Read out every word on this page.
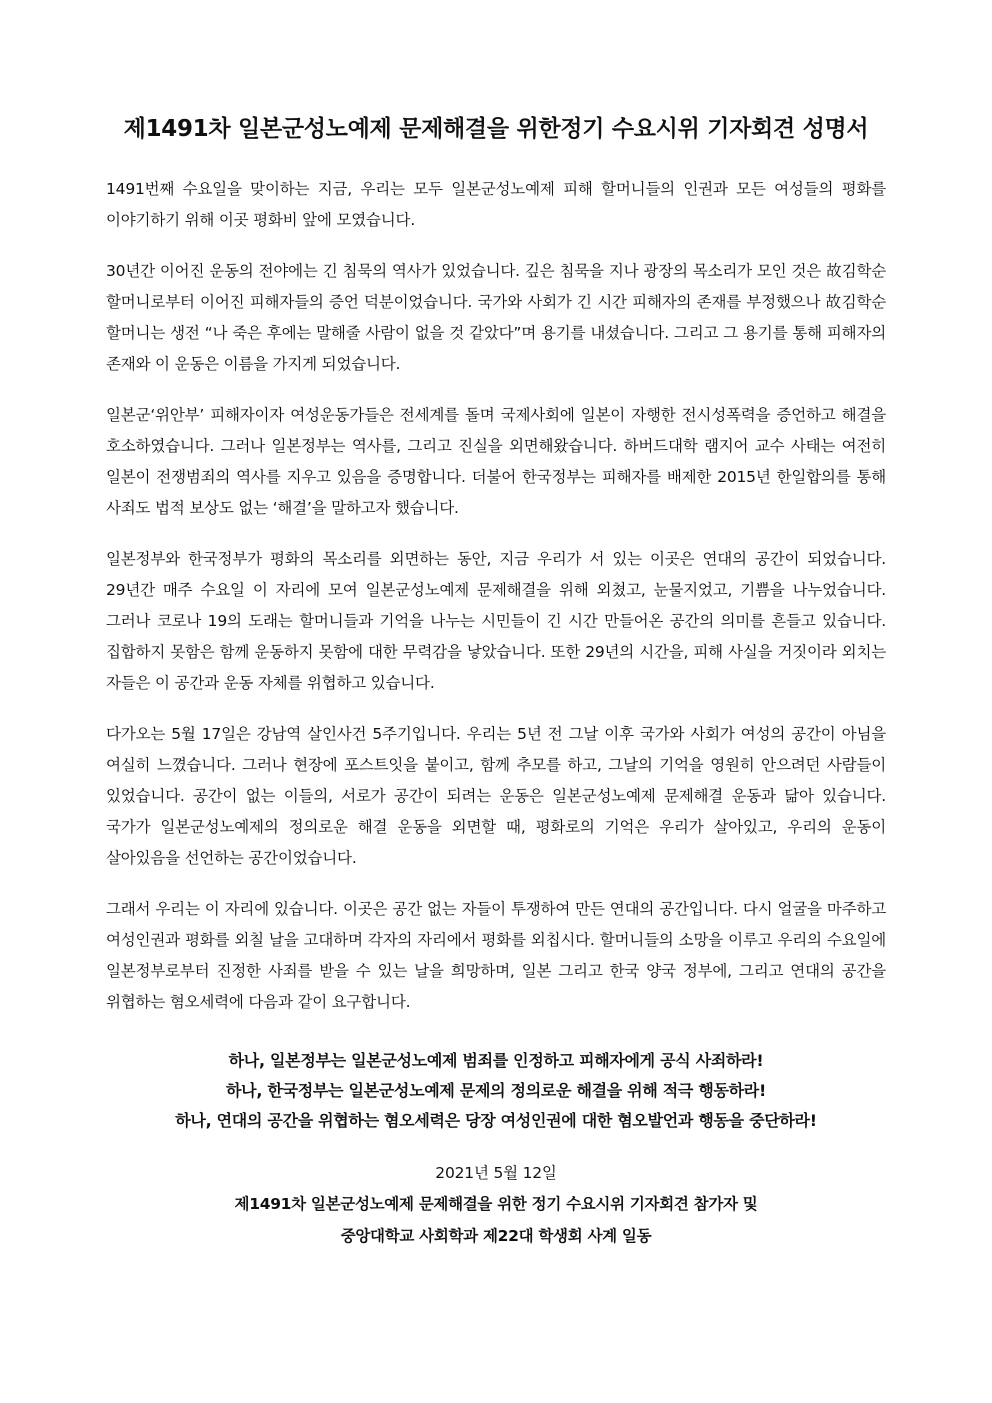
제1491차 일본군성노예제 문제해결을 위한정기 수요시위 기자회견 성명서

1491번째 수요일을 맞이하는 지금, 우리는 모두 일본군성노예제 피해 할머니들의 인권과 모든 여성들의 평화를 이야기하기 위해 이곳 평화비 앞에 모였습니다.

30년간 이어진 운동의 전야에는 긴 침묵의 역사가 있었습니다. 깊은 침묵을 지나 광장의 목소리가 모인 것은 故김학순 할머니로부터 이어진 피해자들의 증언 덕분이었습니다. 국가와 사회가 긴 시간 피해자의 존재를 부정했으나 故김학순 할머니는 생전 “나 죽은 후에는 말해줄 사람이 없을 것 같았다”며 용기를 내셨습니다. 그리고 그 용기를 통해 피해자의 존재와 이 운동은 이름을 가지게 되었습니다.

일본군‘위안부’ 피해자이자 여성운동가들은 전세계를 돌며 국제사회에 일본이 자행한 전시성폭력을 증언하고 해결을 호소하였습니다. 그러나 일본정부는 역사를, 그리고 진실을 외면해왔습니다. 하버드대학 램지어 교수 사태는 여전히 일본이 전쟁범죄의 역사를 지우고 있음을 증명합니다. 더불어 한국정부는 피해자를 배제한 2015년 한일합의를 통해 사죄도 법적 보상도 없는 ‘해결’을 말하고자 했습니다.

일본정부와 한국정부가 평화의 목소리를 외면하는 동안, 지금 우리가 서 있는 이곳은 연대의 공간이 되었습니다. 29년간 매주 수요일 이 자리에 모여 일본군성노예제 문제해결을 위해 외쳤고, 눈물지었고, 기쁨을 나누었습니다. 그러나 코로나 19의 도래는 할머니들과 기억을 나누는 시민들이 긴 시간 만들어온 공간의 의미를 흔들고 있습니다. 집합하지 못함은 함께 운동하지 못함에 대한 무력감을 낳았습니다. 또한 29년의 시간을, 피해 사실을 거짓이라 외치는 자들은 이 공간과 운동 자체를 위협하고 있습니다.

다가오는 5월 17일은 강남역 살인사건 5주기입니다. 우리는 5년 전 그날 이후 국가와 사회가 여성의 공간이 아님을 여실히 느꼈습니다. 그러나 현장에 포스트잇을 붙이고, 함께 추모를 하고, 그날의 기억을 영원히 안으려던 사람들이 있었습니다. 공간이 없는 이들의, 서로가 공간이 되려는 운동은 일본군성노예제 문제해결 운동과 닮아 있습니다. 국가가 일본군성노예제의 정의로운 해결 운동을 외면할 때, 평화로의 기억은 우리가 살아있고, 우리의 운동이 살아있음을 선언하는 공간이었습니다.

그래서 우리는 이 자리에 있습니다. 이곳은 공간 없는 자들이 투쟁하여 만든 연대의 공간입니다. 다시 얼굴을 마주하고 여성인권과 평화를 외칠 날을 고대하며 각자의 자리에서 평화를 외칩시다. 할머니들의 소망을 이루고 우리의 수요일에 일본정부로부터 진정한 사죄를 받을 수 있는 날을 희망하며, 일본 그리고 한국 양국 정부에, 그리고 연대의 공간을 위협하는 혐오세력에 다음과 같이 요구합니다.

하나, 일본정부는 일본군성노예제 범죄를 인정하고 피해자에게 공식 사죄하라!
하나, 한국정부는 일본군성노예제 문제의 정의로운 해결을 위해 적극 행동하라!
하나, 연대의 공간을 위협하는 혐오세력은 당장 여성인권에 대한 혐오발언과 행동을 중단하라!
2021년 5월 12일
제1491차 일본군성노예제 문제해결을 위한 정기 수요시위 기자회견 참가자 및
중앙대학교 사회학과 제22대 학생회 사계 일동
